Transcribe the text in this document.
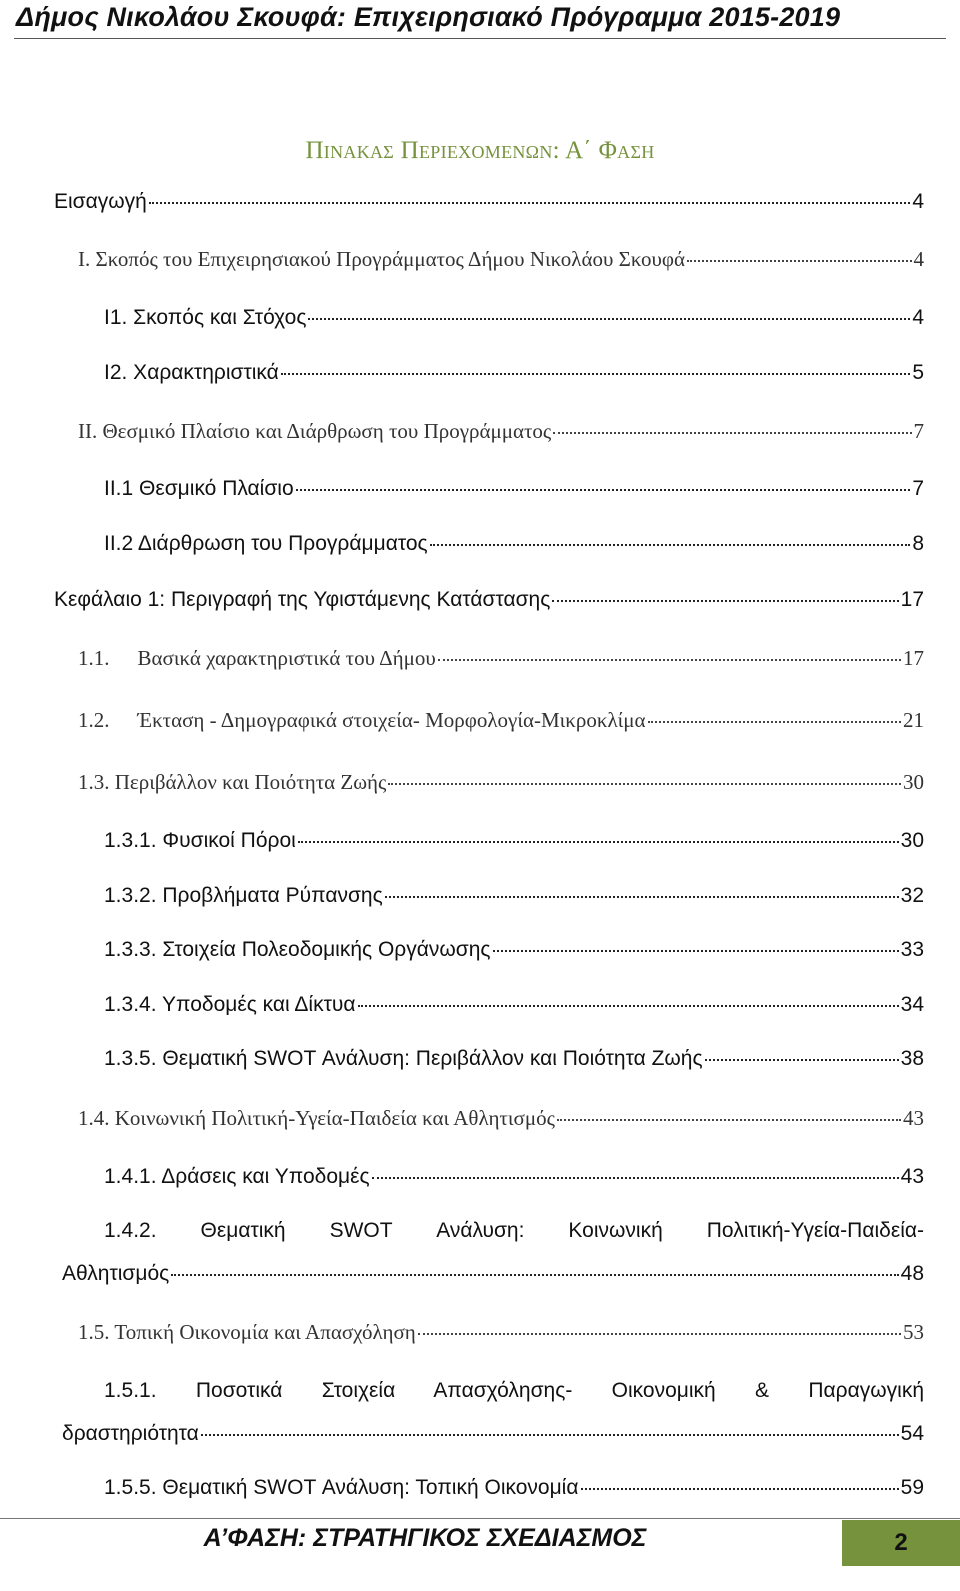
Δήμος Νικολάου Σκουφά: Επιχειρησιακό Πρόγραμμα 2015-2019
Πινακας Περιεχομενων: Α΄ Φαση
Εισαγωγή	4
Ι. Σκοπός του Επιχειρησιακού Προγράμματος Δήμου Νικολάου Σκουφά	4
Ι1. Σκοπός και Στόχος	4
Ι2. Χαρακτηριστικά	5
ΙΙ. Θεσμικό Πλαίσιο και Διάρθρωση του Προγράμματος	7
ΙΙ.1 Θεσμικό Πλαίσιο	7
ΙΙ.2 Διάρθρωση του Προγράμματος	8
Κεφάλαιο 1: Περιγραφή της Υφιστάμενης Κατάστασης	17
1.1. Βασικά χαρακτηριστικά του Δήμου	17
1.2. Έκταση - Δημογραφικά στοιχεία- Μορφολογία-Μικροκλίμα	21
1.3. Περιβάλλον και Ποιότητα Ζωής	30
1.3.1. Φυσικοί Πόροι	30
1.3.2. Προβλήματα Ρύπανσης	32
1.3.3. Στοιχεία Πολεοδομικής Οργάνωσης	33
1.3.4. Υποδομές και Δίκτυα	34
1.3.5. Θεματική SWOT Ανάλυση: Περιβάλλον και Ποιότητα Ζωής	38
1.4. Κοινωνική Πολιτική-Υγεία-Παιδεία και Αθλητισμός	43
1.4.1. Δράσεις και Υποδομές	43
1.4.2. Θεματική SWOT Ανάλυση: Κοινωνική Πολιτική-Υγεία-Παιδεία-
Αθλητισμός	48
1.5. Τοπική Οικονομία και Απασχόληση	53
1.5.1. Ποσοτικά Στοιχεία Απασχόλησης- Οικονομική & Παραγωγική
δραστηριότητα	54
1.5.5. Θεματική SWOT Ανάλυση: Τοπική Οικονομία	59
Α’ΦΑΣΗ: ΣΤΡΑΤΗΓΙΚΟΣ ΣΧΕΔΙΑΣΜΟΣ	2
